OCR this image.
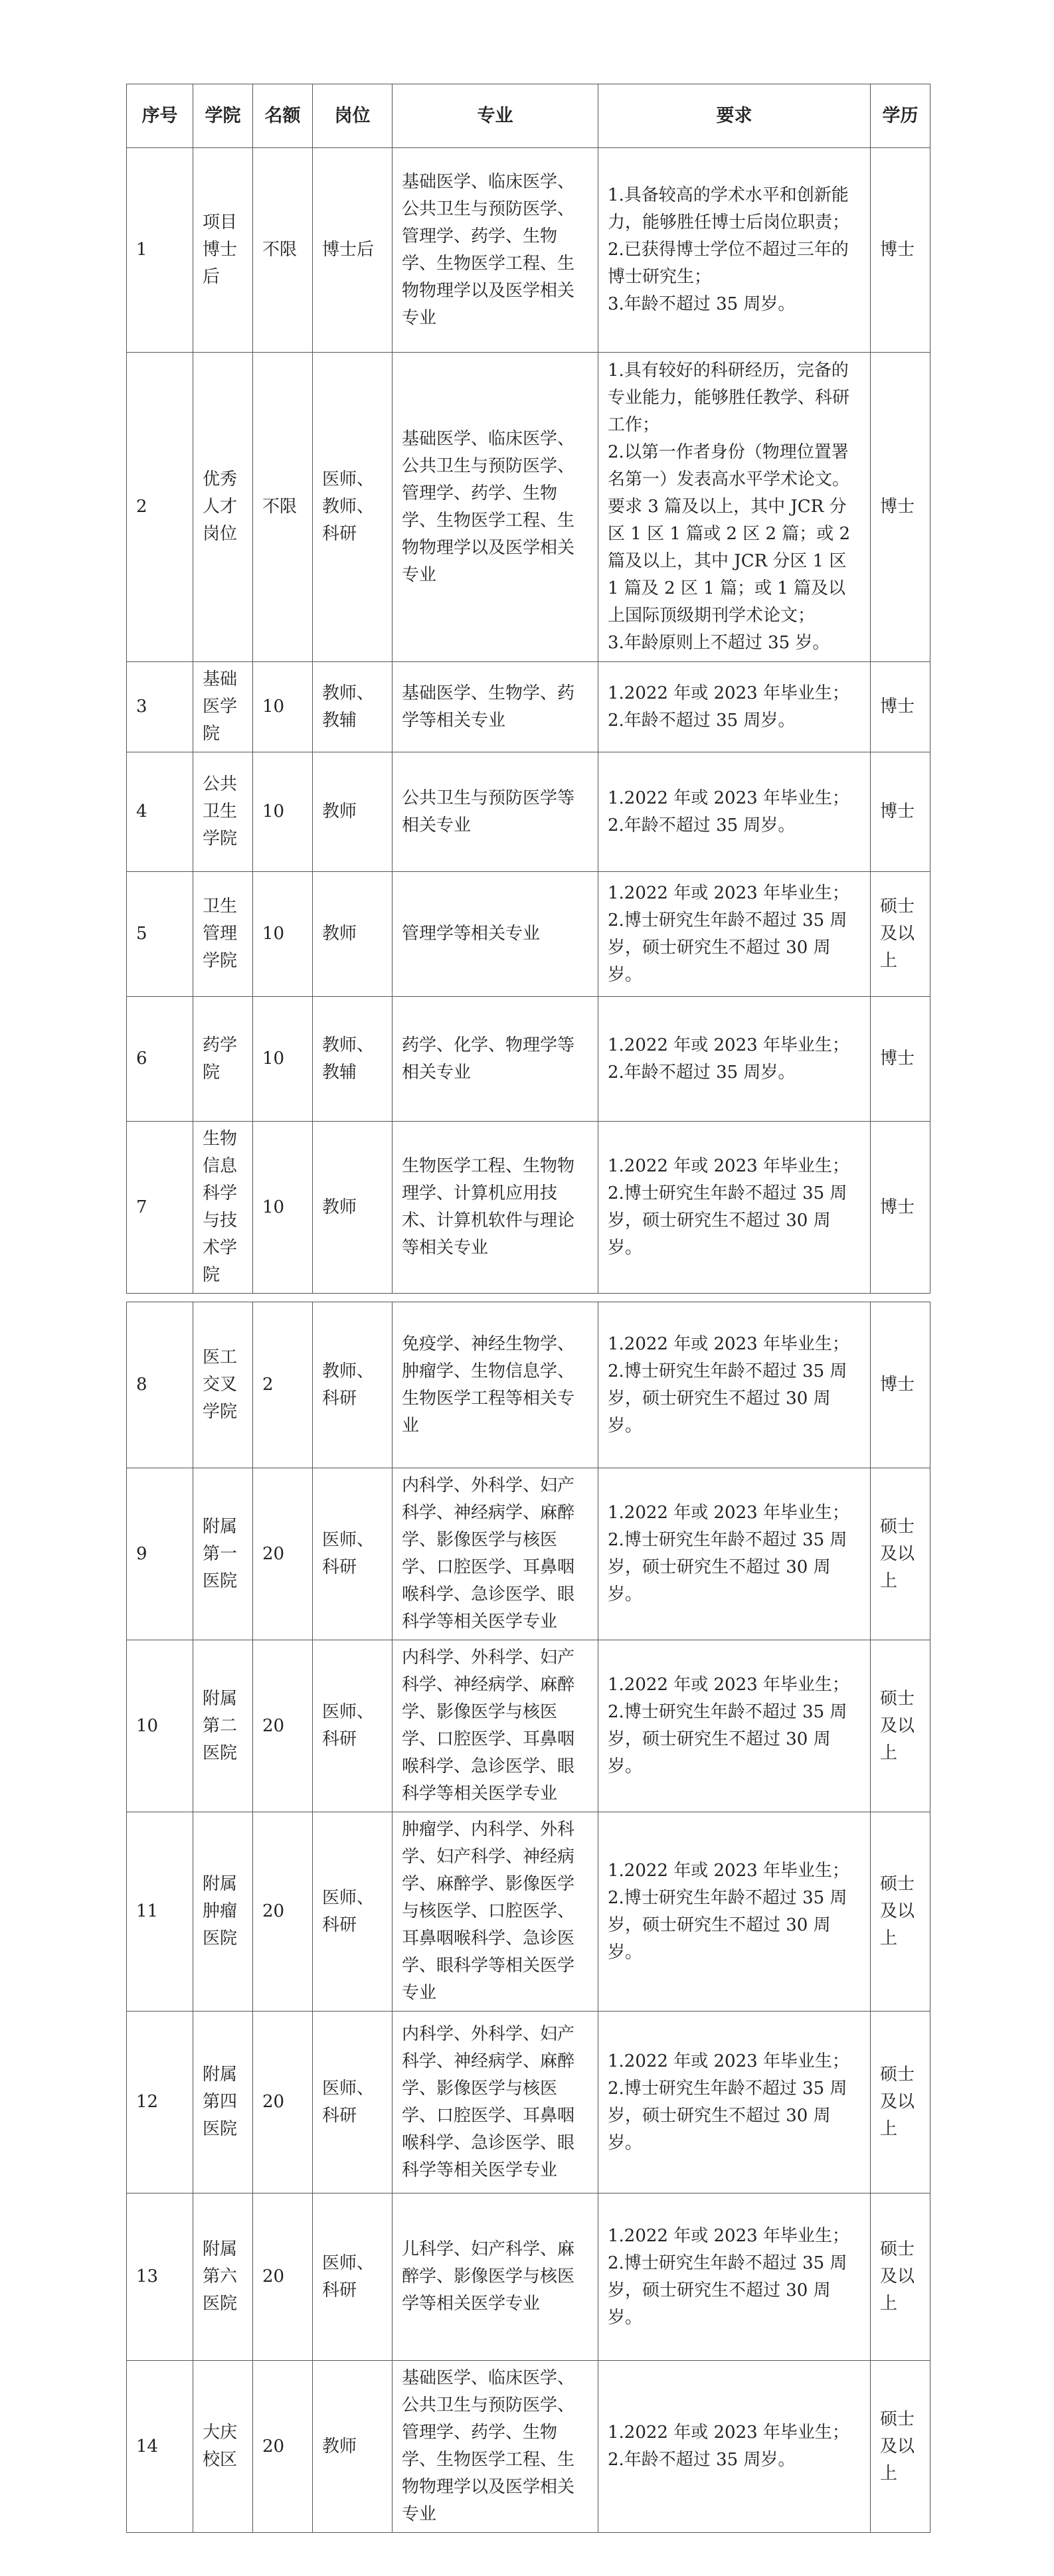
序号	学院	名额	岗位	专业	要求	学历
1	项目博士后	不限	博士后	基础医学、临床医学、公共卫生与预防医学、管理学、药学、生物学、生物医学工程、生物物理学以及医学相关专业	1.具备较高的学术水平和创新能力，能够胜任博士后岗位职责；
2.已获得博士学位不超过三年的博士研究生；
3.年龄不超过 35 周岁。	博士
2	优秀人才岗位	不限	医师、教师、科研	基础医学、临床医学、公共卫生与预防医学、管理学、药学、生物学、生物医学工程、生物物理学以及医学相关专业	1.具有较好的科研经历，完备的专业能力，能够胜任教学、科研工作；
2.以第一作者身份（物理位置署名第一）发表高水平学术论文。要求 3 篇及以上，其中 JCR 分区 1 区 1 篇或 2 区 2 篇；或 2 篇及以上，其中 JCR 分区 1 区 1 篇及 2 区 1 篇；或 1 篇及以上国际顶级期刊学术论文；
3.年龄原则上不超过 35 岁。	博士
3	基础医学院	10	教师、教辅	基础医学、生物学、药学等相关专业	1.2022 年或 2023 年毕业生；
2.年龄不超过 35 周岁。	博士
4	公共卫生学院	10	教师	公共卫生与预防医学等相关专业	1.2022 年或 2023 年毕业生；
2.年龄不超过 35 周岁。	博士
5	卫生管理学院	10	教师	管理学等相关专业	1.2022 年或 2023 年毕业生；
2.博士研究生年龄不超过 35 周岁，硕士研究生不超过 30 周岁。	硕士及以上
6	药学院	10	教师、教辅	药学、化学、物理学等相关专业	1.2022 年或 2023 年毕业生；
2.年龄不超过 35 周岁。	博士
7	生物信息科学与技术学院	10	教师	生物医学工程、生物物理学、计算机应用技术、计算机软件与理论等相关专业	1.2022 年或 2023 年毕业生；
2.博士研究生年龄不超过 35 周岁，硕士研究生不超过 30 周岁。	博士
8	医工交叉学院	2	教师、科研	免疫学、神经生物学、肿瘤学、生物信息学、生物医学工程等相关专业	1.2022 年或 2023 年毕业生；
2.博士研究生年龄不超过 35 周岁，硕士研究生不超过 30 周岁。	博士
9	附属第一医院	20	医师、科研	内科学、外科学、妇产科学、神经病学、麻醉学、影像医学与核医学、口腔医学、耳鼻咽喉科学、急诊医学、眼科学等相关医学专业	1.2022 年或 2023 年毕业生；
2.博士研究生年龄不超过 35 周岁，硕士研究生不超过 30 周岁。	硕士及以上
10	附属第二医院	20	医师、科研	内科学、外科学、妇产科学、神经病学、麻醉学、影像医学与核医学、口腔医学、耳鼻咽喉科学、急诊医学、眼科学等相关医学专业	1.2022 年或 2023 年毕业生；
2.博士研究生年龄不超过 35 周岁，硕士研究生不超过 30 周岁。	硕士及以上
11	附属肿瘤医院	20	医师、科研	肿瘤学、内科学、外科学、妇产科学、神经病学、麻醉学、影像医学与核医学、口腔医学、耳鼻咽喉科学、急诊医学、眼科学等相关医学专业	1.2022 年或 2023 年毕业生；
2.博士研究生年龄不超过 35 周岁，硕士研究生不超过 30 周岁。	硕士及以上
12	附属第四医院	20	医师、科研	内科学、外科学、妇产科学、神经病学、麻醉学、影像医学与核医学、口腔医学、耳鼻咽喉科学、急诊医学、眼科学等相关医学专业	1.2022 年或 2023 年毕业生；
2.博士研究生年龄不超过 35 周岁，硕士研究生不超过 30 周岁。	硕士及以上
13	附属第六医院	20	医师、科研	儿科学、妇产科学、麻醉学、影像医学与核医学等相关医学专业	1.2022 年或 2023 年毕业生；
2.博士研究生年龄不超过 35 周岁，硕士研究生不超过 30 周岁。	硕士及以上
14	大庆校区	20	教师	基础医学、临床医学、公共卫生与预防医学、管理学、药学、生物学、生物医学工程、生物物理学以及医学相关专业	1.2022 年或 2023 年毕业生；
2.年龄不超过 35 周岁。	硕士及以上
